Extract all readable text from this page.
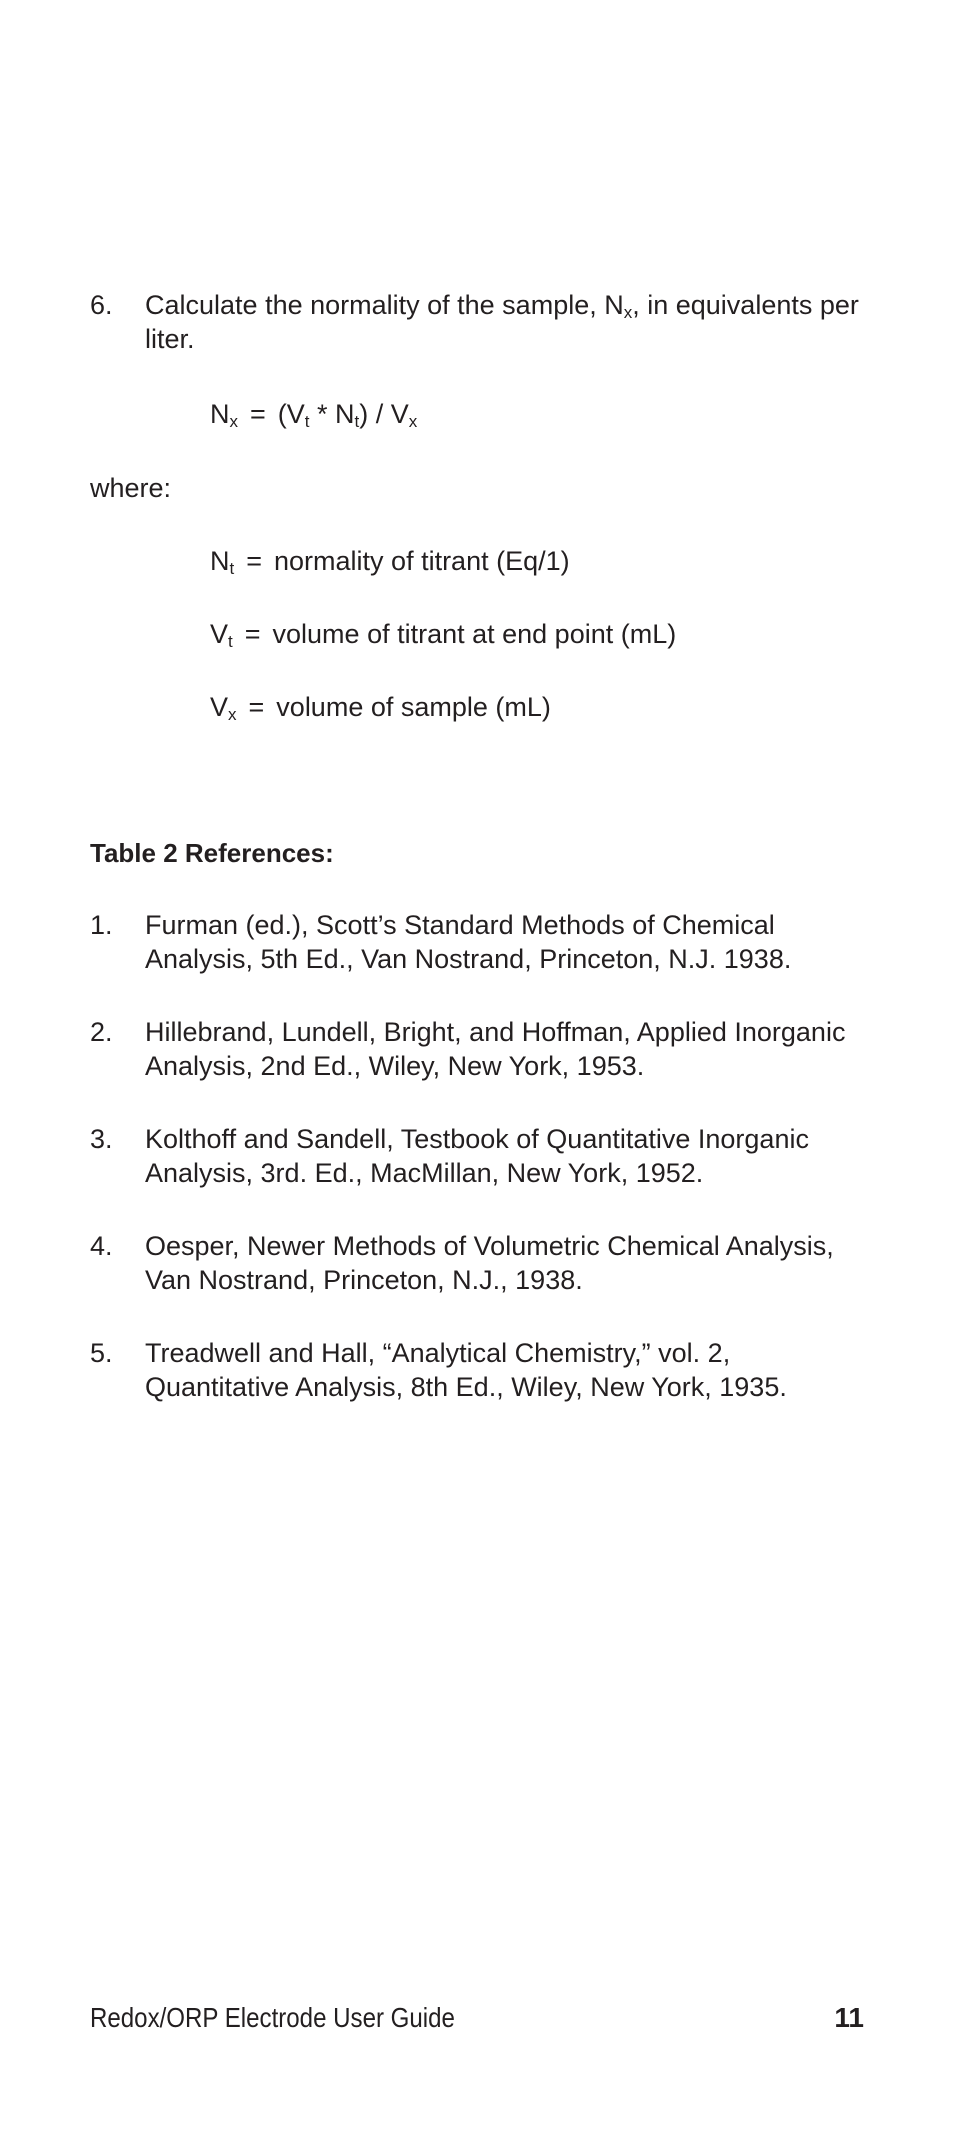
6. Calculate the normality of the sample, $N_x$, in equivalents per
liter.
$N_x = (V_t * N_t) / V_x$
where:
$N_t$ = normality of titrant (Eq/1)
$V_t$ = volume of titrant at end point (mL)
$V_x$ = volume of sample (mL)
Table 2 References:
1. Furman (ed.), Scott’s Standard Methods of Chemical
Analysis, 5th Ed., Van Nostrand, Princeton, N.J. 1938.
2. Hillebrand, Lundell, Bright, and Hoffman, Applied Inorganic
Analysis, 2nd Ed., Wiley, New York, 1953.
3. Kolthoff and Sandell, Testbook of Quantitative Inorganic
Analysis, 3rd. Ed., MacMillan, New York, 1952.
4. Oesper, Newer Methods of Volumetric Chemical Analysis,
Van Nostrand, Princeton, N.J., 1938.
5. Treadwell and Hall, “Analytical Chemistry,” vol. 2,
Quantitative Analysis, 8th Ed., Wiley, New York, 1935.
Redox/ORP Electrode User Guide	11
